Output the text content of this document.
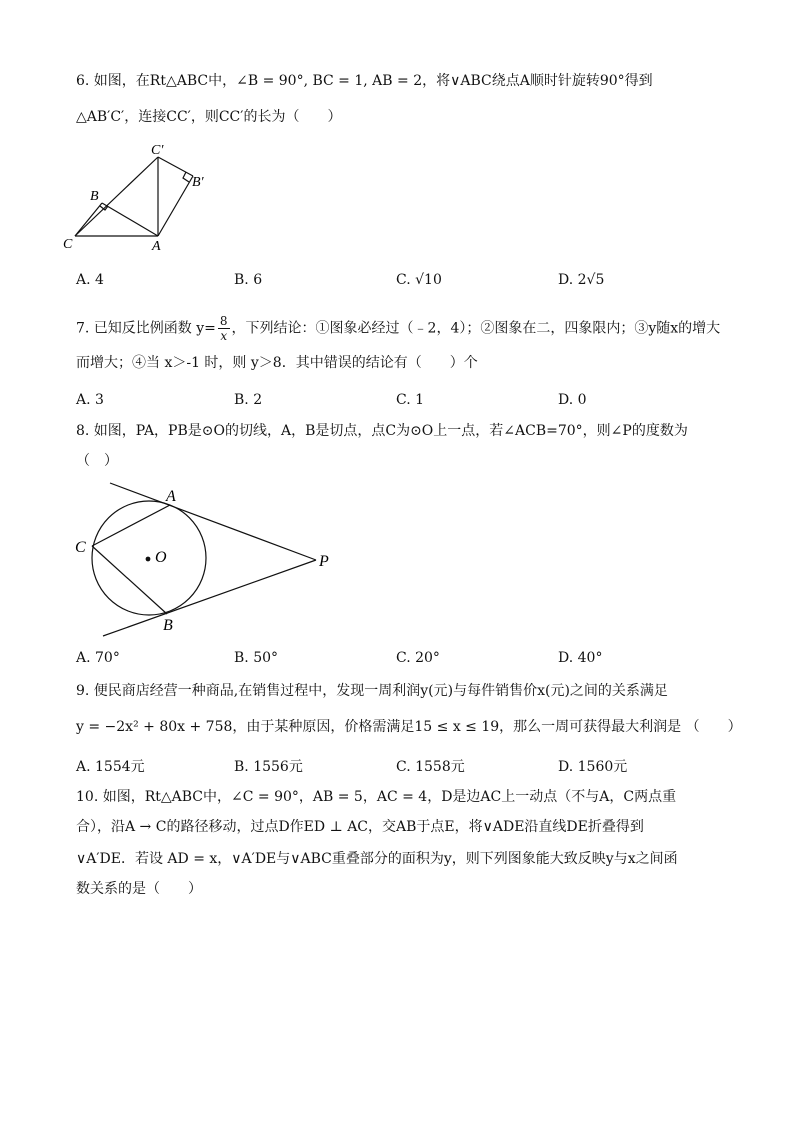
6. 如图，在Rt△ABC中，∠B = 90°, BC = 1, AB = 2，将∨ABC绕点A顺时针旋转90°得到
△AB′C′，连接CC′，则CC′的长为（　　）
C	A
B
C′
B′
A. 4	B. 6	C. √10	D. 2√5
7. 已知反比例函数 $y= \frac{8}{x}$ ，下列结论：①图象必经过（﹣2，4）；②图象在二，四象限内；③y随x的增大
而增大；④当 x＞-1 时，则 y＞8．其中错误的结论有（　　）个
A. 3	B. 2	C. 1	D. 0
8. 如图，PA，PB是⊙O的切线，A，B是切点，点C为⊙O上一点，若∠ACB=70°，则∠P的度数为
（　）
A
C
O	P
B
A. 70°	B. 50°	C. 20°	D. 40°
9. 便民商店经营一种商品,在销售过程中，发现一周利润y(元)与每件销售价x(元)之间的关系满足
y = −2x² + 80x + 758，由于某种原因，价格需满足15 ≤ x ≤ 19，那么一周可获得最大利润是 （　　）
A. 1554元	B. 1556元	C. 1558元	D. 1560元
10. 如图，Rt△ABC中，∠C = 90°，AB = 5，AC = 4，D是边AC上一动点（不与A，C两点重
合），沿A → C的路径移动，过点D作ED ⊥ AC，交AB于点E，将∨ADE沿直线DE折叠得到
∨A′DE．若设 AD = x，∨A′DE与∨ABC重叠部分的面积为y，则下列图象能大致反映y与x之间函
数关系的是（　　）
